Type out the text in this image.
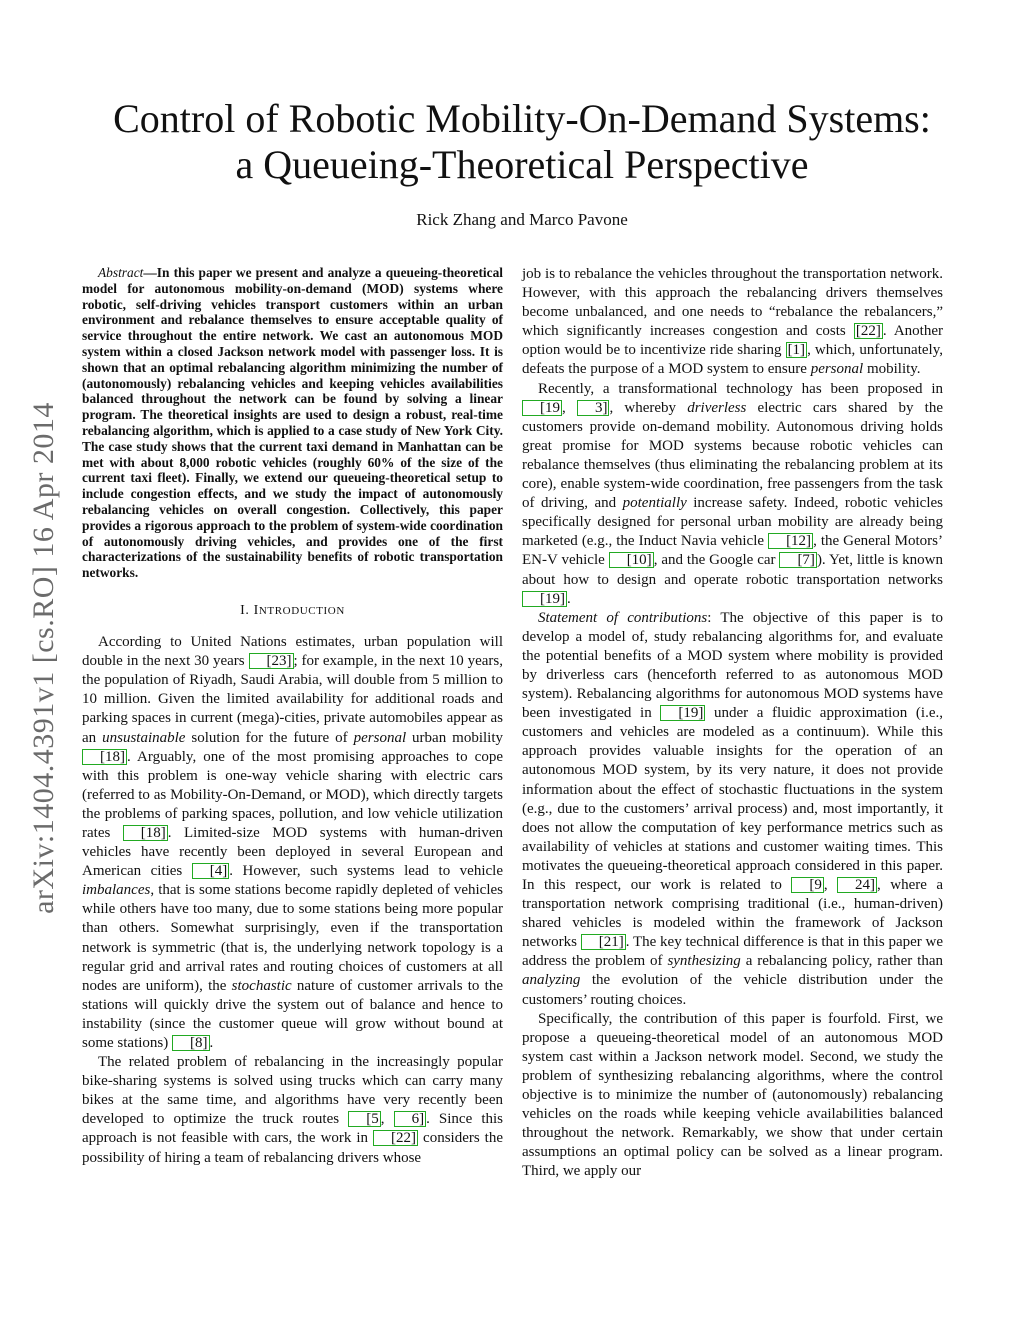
arXiv:1404.4391v1 [cs.RO] 16 Apr 2014
Control of Robotic Mobility-On-Demand Systems:
a Queueing-Theoretical Perspective
Rick Zhang and Marco Pavone

Abstract—In this paper we present and analyze a queueing-theoretical model for autonomous mobility-on-demand (MOD) systems where robotic, self-driving vehicles transport customers within an urban environment and rebalance themselves to ensure acceptable quality of service throughout the entire network. We cast an autonomous MOD system within a closed Jackson network model with passenger loss. It is shown that an optimal rebalancing algorithm minimizing the number of (autonomously) rebalancing vehicles and keeping vehicles availabilities balanced throughout the network can be found by solving a linear program. The theoretical insights are used to design a robust, real-time rebalancing algorithm, which is applied to a case study of New York City. The case study shows that the current taxi demand in Manhattan can be met with about 8,000 robotic vehicles (roughly 60% of the size of the current taxi fleet). Finally, we extend our queueing-theoretical setup to include congestion effects, and we study the impact of autonomously rebalancing vehicles on overall congestion. Collectively, this paper provides a rigorous approach to the problem of system-wide coordination of autonomously driving vehicles, and provides one of the first characterizations of the sustainability benefits of robotic transportation networks.

I. INTRODUCTION

According to United Nations estimates, urban population will double in the next 30 years [23] ; for example, in the next 10 years, the population of Riyadh, Saudi Arabia, will double from 5 million to 10 million. Given the limited availability for additional roads and parking spaces in current (mega)-cities, private automobiles appear as an unsustainable solution for the future of personal urban mobility [18] . Arguably, one of the most promising approaches to cope with this problem is one-way vehicle sharing with electric cars (referred to as Mobility-On-Demand, or MOD), which directly targets the problems of parking spaces, pollution, and low vehicle utilization rates [18] . Limited-size MOD systems with human-driven vehicles have recently been deployed in several European and American cities [4] . However, such systems lead to vehicle imbalances, that is some stations become rapidly depleted of vehicles while others have too many, due to some stations being more popular than others. Somewhat surprisingly, even if the transportation network is symmetric (that is, the underlying network topology is a regular grid and arrival rates and routing choices of customers at all nodes are uniform), the stochastic nature of customer arrivals to the stations will quickly drive the system out of balance and hence to instability (since the customer queue will grow without bound at some stations) [8] .

The related problem of rebalancing in the increasingly popular bike-sharing systems is solved using trucks which can carry many bikes at the same time, and algorithms have very recently been developed to optimize the truck routes [5 , 6] . Since this approach is not feasible with cars, the work in [22] considers the possibility of hiring a team of rebalancing drivers whose

job is to rebalance the vehicles throughout the transportation network. However, with this approach the rebalancing drivers themselves become unbalanced, and one needs to “rebalance the rebalancers,” which significantly increases congestion and costs [22] . Another option would be to incentivize ride sharing [1] , which, unfortunately, defeats the purpose of a MOD system to ensure personal mobility.

Recently, a transformational technology has been proposed in [19 , 3] , whereby driverless electric cars shared by the customers provide on-demand mobility. Autonomous driving holds great promise for MOD systems because robotic vehicles can rebalance themselves (thus eliminating the rebalancing problem at its core), enable system-wide coordination, free passengers from the task of driving, and potentially increase safety. Indeed, robotic vehicles specifically designed for personal urban mobility are already being marketed (e.g., the Induct Navia vehicle [12] , the General Motors’ EN-V vehicle [10] , and the Google car [7] ). Yet, little is known about how to design and operate robotic transportation networks [19] .

Statement of contributions: The objective of this paper is to develop a model of, study rebalancing algorithms for, and evaluate the potential benefits of a MOD system where mobility is provided by driverless cars (henceforth referred to as autonomous MOD system). Rebalancing algorithms for autonomous MOD systems have been investigated in [19] under a fluidic approximation (i.e., customers and vehicles are modeled as a continuum). While this approach provides valuable insights for the operation of an autonomous MOD system, by its very nature, it does not provide information about the effect of stochastic fluctuations in the system (e.g., due to the customers’ arrival process) and, most importantly, it does not allow the computation of key performance metrics such as availability of vehicles at stations and customer waiting times. This motivates the queueing-theoretical approach considered in this paper. In this respect, our work is related to [9 , 24] , where a transportation network comprising traditional (i.e., human-driven) shared vehicles is modeled within the framework of Jackson networks [21] . The key technical difference is that in this paper we address the problem of synthesizing a rebalancing policy, rather than analyzing the evolution of the vehicle distribution under the customers’ routing choices.

Specifically, the contribution of this paper is fourfold. First, we propose a queueing-theoretical model of an autonomous MOD system cast within a Jackson network model. Second, we study the problem of synthesizing rebalancing algorithms, where the control objective is to minimize the number of (autonomously) rebalancing vehicles on the roads while keeping vehicle availabilities balanced throughout the network. Remarkably, we show that under certain assumptions an optimal policy can be solved as a linear program. Third, we apply our
